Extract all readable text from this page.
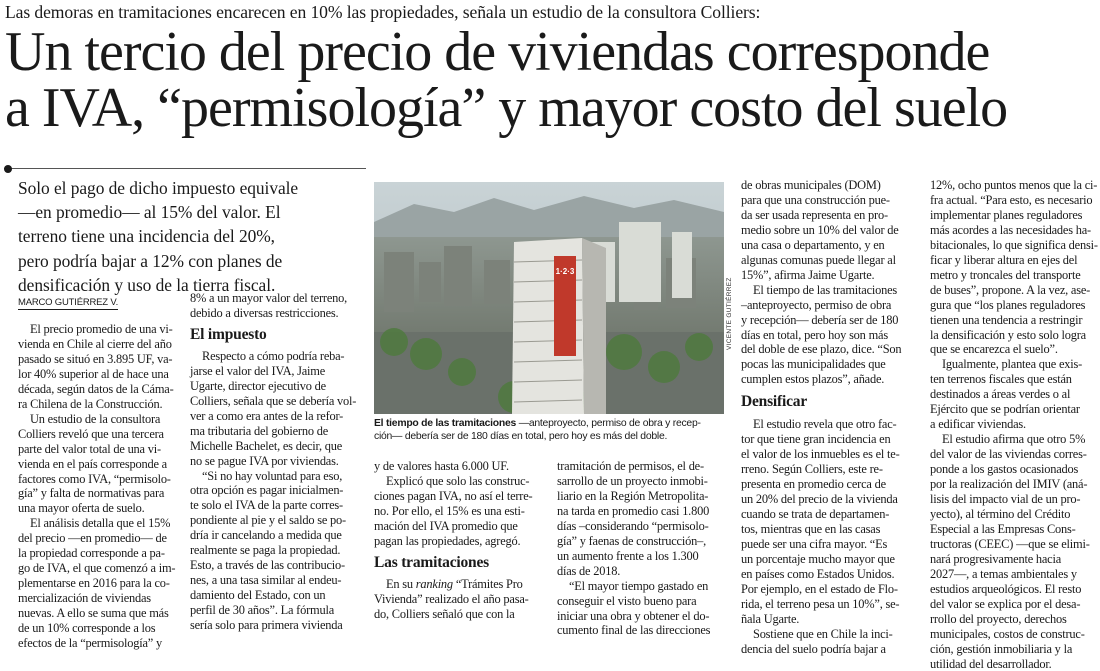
Las demoras en tramitaciones encarecen en 10% las propiedades, señala un estudio de la consultora Colliers:
Un tercio del precio de viviendas corresponde
a IVA, “permisología” y mayor costo del suelo
Solo el pago de dicho impuesto equivale
—en promedio— al 15% del valor. El
terreno tiene una incidencia del 20%,
pero podría bajar a 12% con planes de
densificación y uso de la tierra fiscal.
MARCO GUTIÉRREZ V.
El precio promedio de una vi-
vienda en Chile al cierre del año
pasado se situó en 3.895 UF, va-
lor 40% superior al de hace una
década, según datos de la Cáma-
ra Chilena de la Construcción.
Un estudio de la consultora
Colliers reveló que una tercera
parte del valor total de una vi-
vienda en el país corresponde a
factores como IVA, “permisolo-
gía” y falta de normativas para
una mayor oferta de suelo.
El análisis detalla que el 15%
del precio —en promedio— de
la propiedad corresponde a pa-
go de IVA, el que comenzó a im-
plementarse en 2016 para la co-
mercialización de viviendas
nuevas. A ello se suma que más
de un 10% corresponde a los
efectos de la “permisología” y
8% a un mayor valor del terreno,
debido a diversas restricciones.
El impuesto
Respecto a cómo podría reba-
jarse el valor del IVA, Jaime
Ugarte, director ejecutivo de
Colliers, señala que se debería vol-
ver a como era antes de la refor-
ma tributaria del gobierno de
Michelle Bachelet, es decir, que
no se pague IVA por viviendas.
“Si no hay voluntad para eso,
otra opción es pagar inicialmen-
te solo el IVA de la parte corres-
pondiente al pie y el saldo se po-
dría ir cancelando a medida que
realmente se paga la propiedad.
Esto, a través de las contribucio-
nes, a una tasa similar al endeu-
damiento del Estado, con un
perfil de 30 años”. La fórmula
sería solo para primera vivienda
y de valores hasta 6.000 UF.
Explicó que solo las construc-
ciones pagan IVA, no así el terre-
no. Por ello, el 15% es una esti-
mación del IVA promedio que
pagan las propiedades, agregó.
Las tramitaciones
En su ranking “Trámites Pro
Vivienda” realizado el año pasa-
do, Colliers señaló que con la
tramitación de permisos, el de-
sarrollo de un proyecto inmobi-
liario en la Región Metropolita-
na tarda en promedio casi 1.800
días –considerando “permisolo-
gía” y faenas de construcción–,
un aumento frente a los 1.300
días de 2018.
“El mayor tiempo gastado en
conseguir el visto bueno para
iniciar una obra y obtener el do-
cumento final de las direcciones
de obras municipales (DOM)
para que una construcción pue-
da ser usada representa en pro-
medio sobre un 10% del valor de
una casa o departamento, y en
algunas comunas puede llegar al
15%”, afirma Jaime Ugarte.
El tiempo de las tramitaciones
–anteproyecto, permiso de obra
y recepción— debería ser de 180
días en total, pero hoy son más
del doble de ese plazo, dice. “Son
pocas las municipalidades que
cumplen estos plazos”, añade.
Densificar
El estudio revela que otro fac-
tor que tiene gran incidencia en
el valor de los inmuebles es el te-
rreno. Según Colliers, este re-
presenta en promedio cerca de
un 20% del precio de la vivienda
cuando se trata de departamen-
tos, mientras que en las casas
puede ser una cifra mayor. “Es
un porcentaje mucho mayor que
en países como Estados Unidos.
Por ejemplo, en el estado de Flo-
rida, el terreno pesa un 10%”, se-
ñala Ugarte.
Sostiene que en Chile la inci-
dencia del suelo podría bajar a
12%, ocho puntos menos que la ci-
fra actual. “Para esto, es necesario
implementar planes reguladores
más acordes a las necesidades ha-
bitacionales, lo que significa densi-
ficar y liberar altura en ejes del
metro y troncales del transporte
de buses”, propone. A la vez, ase-
gura que “los planes reguladores
tienen una tendencia a restringir
la densificación y esto solo logra
que se encarezca el suelo”.
Igualmente, plantea que exis-
ten terrenos fiscales que están
destinados a áreas verdes o al
Ejército que se podrían orientar
a edificar viviendas.
El estudio afirma que otro 5%
del valor de las viviendas corres-
ponde a los gastos ocasionados
por la realización del IMIV (aná-
lisis del impacto vial de un pro-
yecto), al término del Crédito
Especial a las Empresas Cons-
tructoras (CEEC) —que se elimi-
nará progresivamente hacia
2027—, a temas ambientales y
estudios arqueológicos. El resto
del valor se explica por el desa-
rrollo del proyecto, derechos
municipales, costos de construc-
ción, gestión inmobiliaria y la
utilidad del desarrollador.
1·2·3
VICENTE GUTIÉRREZ
El tiempo de las tramitaciones —anteproyecto, permiso de obra y recep-
ción— debería ser de 180 días en total, pero hoy es más del doble.
